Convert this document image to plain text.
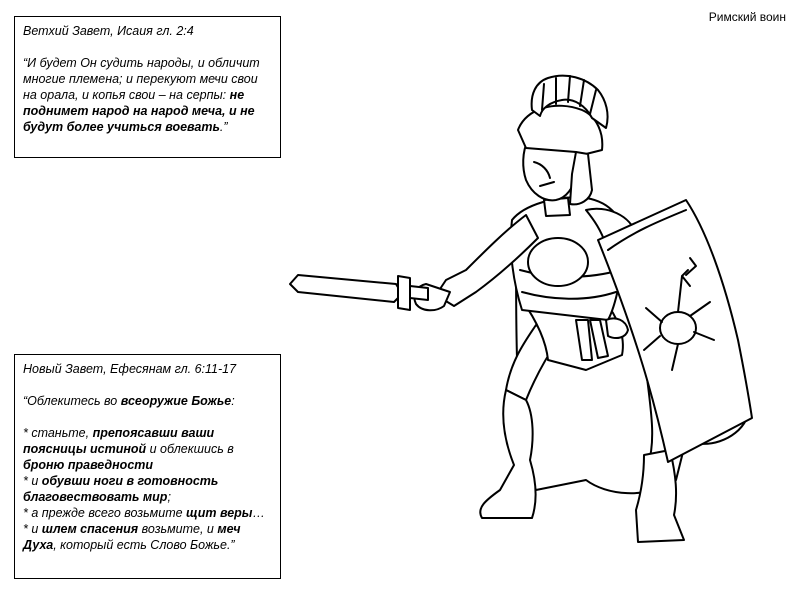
Римский воин
Ветхий Завет, Исаия гл. 2:4

“И будет Он судить народы, и обличит многие племена; и перекуют мечи свои на орала, и копья свои – на серпы: не поднимет народ на народ меча, и не будут более учиться воевать.”

Новый Завет, Ефесянам гл. 6:11-17

“Облекитесь во всеоружие Божье:

* станьте, препоясавши ваши поясницы истиной и облекшись в броню праведности

* и обувши ноги в готовность благовествовать мир;

* а прежде всего возьмите щит веры…

* и шлем спасения возьмите, и меч Духа, который есть Слово Божье.”
